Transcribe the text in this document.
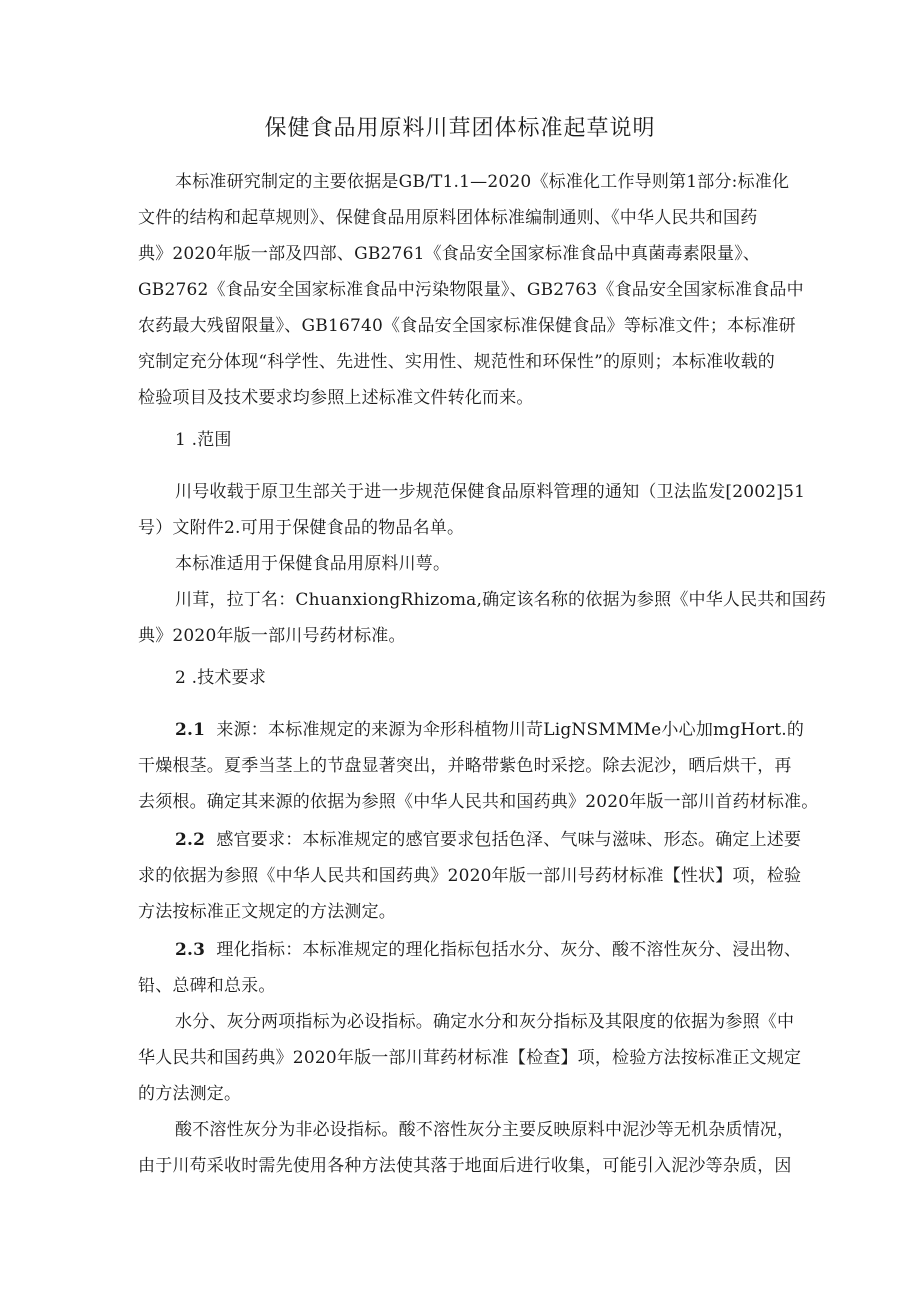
保健食品用原料川茸团体标准起草说明
本标准研究制定的主要依据是GB/T1.1—2020《标准化工作导则第1部分:标准化
文件的结构和起草规则》、保健食品用原料团体标准编制通则、《中华人民共和国药
典》2020年版一部及四部、GB2761《食品安全国家标准食品中真菌毒素限量》、
GB2762《食品安全国家标准食品中污染物限量》、GB2763《食品安全国家标准食品中
农药最大残留限量》、GB16740《食品安全国家标准保健食品》等标准文件；本标准研
究制定充分体现“科学性、先进性、实用性、规范性和环保性”的原则；本标准收载的
检验项目及技术要求均参照上述标准文件转化而来。
1 .范围
川号收载于原卫生部关于进一步规范保健食品原料管理的通知（卫法监发[2002]51
号）文附件2.可用于保健食品的物品名单。
本标准适用于保健食品用原料川萼。
川茸，拉丁名：ChuanxiongRhizoma,确定该名称的依据为参照《中华人民共和国药
典》2020年版一部川号药材标准。
2 .技术要求
2.1 来源：本标准规定的来源为伞形科植物川苛LigNSMMMe小心加mgHort.的
干燥根茎。夏季当茎上的节盘显著突出，并略带紫色时采挖。除去泥沙，晒后烘干，再
去须根。确定其来源的依据为参照《中华人民共和国药典》2020年版一部川首药材标准。
2.2 感官要求：本标准规定的感官要求包括色泽、气味与滋味、形态。确定上述要
求的依据为参照《中华人民共和国药典》2020年版一部川号药材标准【性状】项，检验
方法按标准正文规定的方法测定。
2.3 理化指标：本标准规定的理化指标包括水分、灰分、酸不溶性灰分、浸出物、
铅、总碑和总汞。
水分、灰分两项指标为必设指标。确定水分和灰分指标及其限度的依据为参照《中
华人民共和国药典》2020年版一部川茸药材标准【检查】项，检验方法按标准正文规定
的方法测定。
酸不溶性灰分为非必设指标。酸不溶性灰分主要反映原料中泥沙等无机杂质情况，
由于川苟采收时需先使用各种方法使其落于地面后进行收集，可能引入泥沙等杂质，因
